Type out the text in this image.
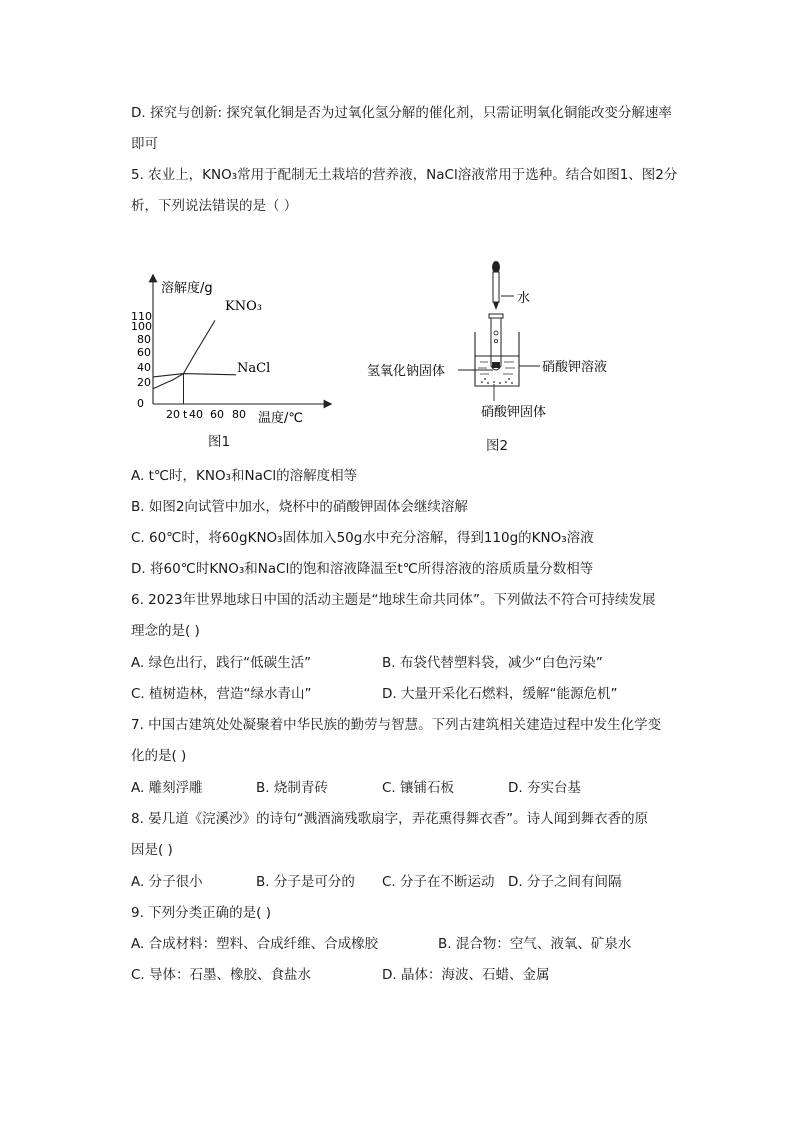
D. 探究与创新: 探究氧化铜是否为过氧化氢分解的催化剂，只需证明氧化铜能改变分解速率
即可
5. 农业上，KNO₃常用于配制无土栽培的营养液，NaCl溶液常用于选种。结合如图1、图2分
析，下列说法错误的是（ ）
溶解度/g
温度/℃
110
100
80
60
40
20
0
20 t 40 60 80
KNO₃
NaCl
图1
水
氢氧化钠固体	硝酸钾溶液
硝酸钾固体
图2
A. t℃时，KNO₃和NaCl的溶解度相等
B. 如图2向试管中加水，烧杯中的硝酸钾固体会继续溶解
C. 60℃时，将60gKNO₃固体加入50g水中充分溶解，得到110g的KNO₃溶液
D. 将60℃时KNO₃和NaCl的饱和溶液降温至t℃所得溶液的溶质质量分数相等
6. 2023年世界地球日中国的活动主题是“地球生命共同体”。下列做法不符合可持续发展
理念的是( )
A. 绿色出行，践行“低碳生活”	B. 布袋代替塑料袋，减少“白色污染”
C. 植树造林，营造“绿水青山”	D. 大量开采化石燃料，缓解“能源危机”
7. 中国古建筑处处凝聚着中华民族的勤劳与智慧。下列古建筑相关建造过程中发生化学变
化的是( )
A. 雕刻浮雕	B. 烧制青砖	C. 镶铺石板	D. 夯实台基
8. 晏几道《浣溪沙》的诗句“溅酒滴残歌扇字，弄花熏得舞衣香”。诗人闻到舞衣香的原
因是( )
A. 分子很小	B. 分子是可分的 C. 分子在不断运动 D. 分子之间有间隔
9. 下列分类正确的是( )
A. 合成材料：塑料、合成纤维、合成橡胶	B. 混合物：空气、液氧、矿泉水
C. 导体：石墨、橡胶、食盐水	D. 晶体：海波、石蜡、金属
